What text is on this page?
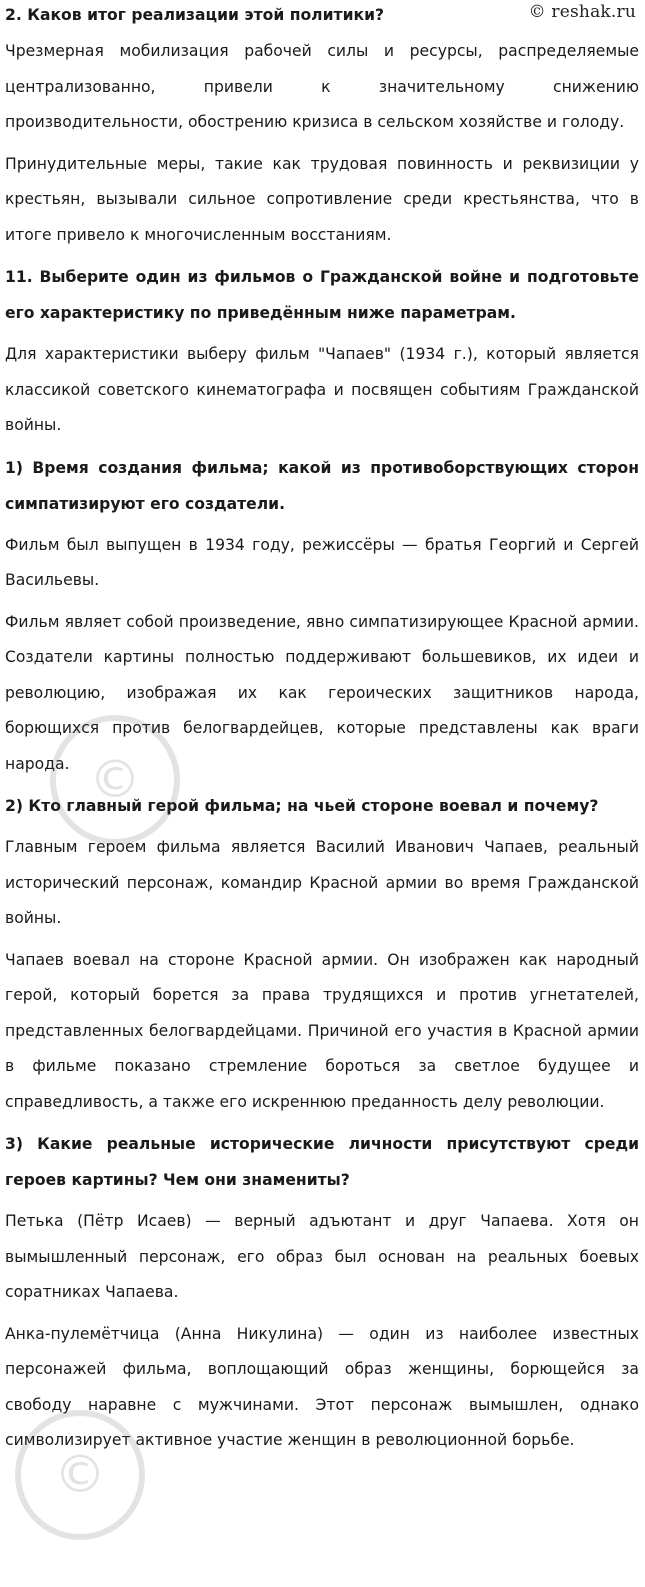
© reshak.ru
©
©
2. Каков итог реализации этой политики?
Чрезмерная мобилизация рабочей силы и ресурсы, распределяемые централизованно, привели к значительному снижению производительности, обострению кризиса в сельском хозяйстве и голоду.
Принудительные меры, такие как трудовая повинность и реквизиции у крестьян, вызывали сильное сопротивление среди крестьянства, что в итоге привело к многочисленным восстаниям.
11. Выберите один из фильмов о Гражданской войне и подготовьте его характеристику по приведённым ниже параметрам.
Для характеристики выберу фильм "Чапаев" (1934 г.), который является классикой советского кинематографа и посвящен событиям Гражданской войны.
1) Время создания фильма; какой из противоборствующих сторон симпатизируют его создатели.
Фильм был выпущен в 1934 году, режиссёры — братья Георгий и Сергей Васильевы.
Фильм являет собой произведение, явно симпатизирующее Красной армии. Создатели картины полностью поддерживают большевиков, их идеи и революцию, изображая их как героических защитников народа, борющихся против белогвардейцев, которые представлены как враги народа.
2) Кто главный герой фильма; на чьей стороне воевал и почему?
Главным героем фильма является Василий Иванович Чапаев, реальный исторический персонаж, командир Красной армии во время Гражданской войны.
Чапаев воевал на стороне Красной армии. Он изображен как народный герой, который борется за права трудящихся и против угнетателей, представленных белогвардейцами. Причиной его участия в Красной армии в фильме показано стремление бороться за светлое будущее и справедливость, а также его искреннюю преданность делу революции.
3) Какие реальные исторические личности присутствуют среди героев картины? Чем они знамениты?
Петька (Пётр Исаев) — верный адъютант и друг Чапаева. Хотя он вымышленный персонаж, его образ был основан на реальных боевых соратниках Чапаева.
Анка-пулемётчица (Анна Никулина) — один из наиболее известных персонажей фильма, воплощающий образ женщины, борющейся за свободу наравне с мужчинами. Этот персонаж вымышлен, однако символизирует активное участие женщин в революционной борьбе.
